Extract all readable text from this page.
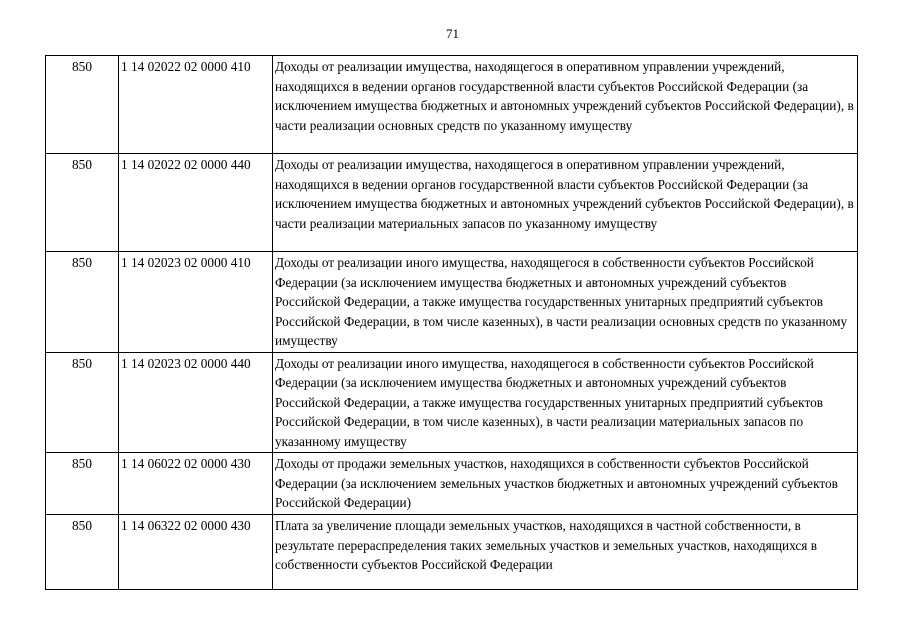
71
850	1 14 02022 02 0000 410	Доходы от реализации имущества, находящегося в оперативном управлении учреждений, находящихся в ведении органов государственной власти субъектов Российской Федерации (за исключением имущества бюджетных и автономных учреждений субъектов Российской Федерации), в части реализации основных средств по указанному имуществу
850	1 14 02022 02 0000 440	Доходы от реализации имущества, находящегося в оперативном управлении учреждений, находящихся в ведении органов государственной власти субъектов Российской Федерации (за исключением имущества бюджетных и автономных учреждений субъектов Российской Федерации), в части реализации материальных запасов по указанному имуществу
850	1 14 02023 02 0000 410	Доходы от реализации иного имущества, находящегося в собственности субъектов Российской Федерации (за исключением имущества бюджетных и автономных учреждений субъектов Российской Федерации, а также имущества государственных унитарных предприятий субъектов Российской Федерации, в том числе казенных), в части реализации основных средств по указанному имуществу
850	1 14 02023 02 0000 440	Доходы от реализации иного имущества, находящегося в собственности субъектов Российской Федерации (за исключением имущества бюджетных и автономных учреждений субъектов Российской Федерации, а также имущества государственных унитарных предприятий субъектов Российской Федерации, в том числе казенных), в части реализации материальных запасов по указанному имуществу
850	1 14 06022 02 0000 430	Доходы от продажи земельных участков, находящихся в собственности субъектов Российской Федерации (за исключением земельных участков бюджетных и автономных учреждений субъектов Российской Федерации)
850	1 14 06322 02 0000 430	Плата за увеличение площади земельных участков, находящихся в частной собственности, в результате перераспределения таких земельных участков и земельных участков, находящихся в собственности субъектов Российской Федерации
